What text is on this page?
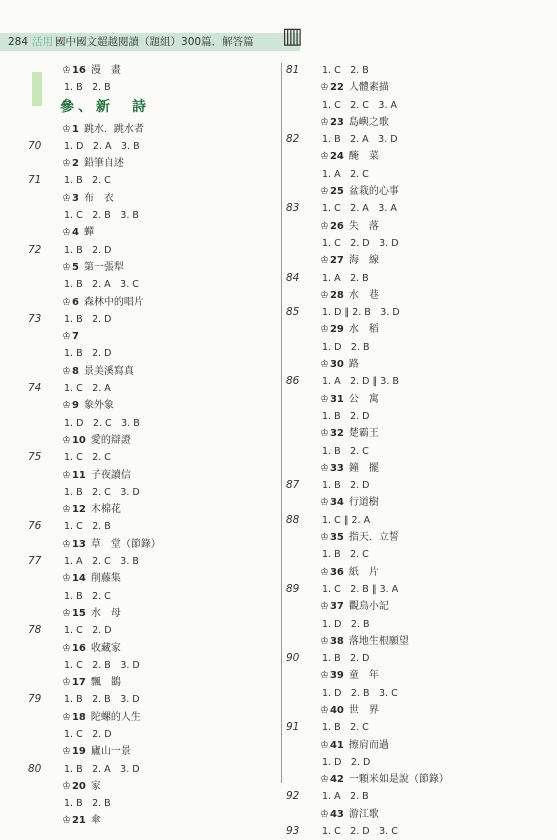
284 活用 國中國文超越閱讀（題組）300篇．解答篇 ▥
♔16 漫　畫
1. B　2. B
參、新　詩
♔1 跳水．跳水者
70	1. D　2. A　3. B
♔2 鉛筆自述
71	1. B　2. C
♔3 布　衣
1. C　2. B　3. B
♔4 蟬
72	1. B　2. D
♔5 第一張犁
1. B　2. A　3. C
♔6 森林中的唱片
73	1. B　2. D
♔7
1. B　2. D
♔8 景美溪寫真
74	1. C　2. A
♔9 象外象
1. D　2. C　3. B
♔10 愛的辯證
75	1. C　2. C
♔11 子夜讀信
1. B　2. C　3. D
♔12 木棉花
76	1. C　2. B
♔13 草　堂（節錄）
77	1. A　2. C　3. B
♔14 削藤集
1. B　2. C
♔15 水　母
78	1. C　2. D
♔16 收藏家
1. C　2. B　3. D
♔17 飄　鵲
79	1. B　2. B　3. D
♔18 陀螺的人生
1. C　2. D
♔19 廬山一景
80	1. B　2. A　3. D
♔20 家
1. B　2. B
♔21 傘
81	1. C　2. B
♔22 人體素描
1. C　2. C　3. A
♔23 島嶼之歌
82	1. B　2. A　3. D
♔24 醃　菜
1. A　2. C
♔25 盆栽的心事
83	1. C　2. A　3. A
♔26 失　落
1. C　2. D　3. D
♔27 海　線
84	1. A　2. B
♔28 水　巷
85	1. D ‖ 2. B　3. D
♔29 水　稻
1. D　2. B
♔30 路
86	1. A　2. D ‖ 3. B
♔31 公　寓
1. B　2. D
♔32 楚霸王
1. B　2. C
♔33 鐘　擺
87	1. B　2. D
♔34 行道樹
88	1. C ‖ 2. A
♔35 指天．立誓
1. B　2. C
♔36 紙　片
89	1. C　2. B ‖ 3. A
♔37 觀鳥小記
1. D　2. B
♔38 落地生根願望
90	1. B　2. D
♔39 童　年
1. D　2. B　3. C
♔40 世　界
91	1. B　2. C
♔41 擦肩而過
1. D　2. D
♔42 一顆米如是說（節錄）
92	1. A　2. B
♔43 游江歌
93	1. C　2. D　3. C
